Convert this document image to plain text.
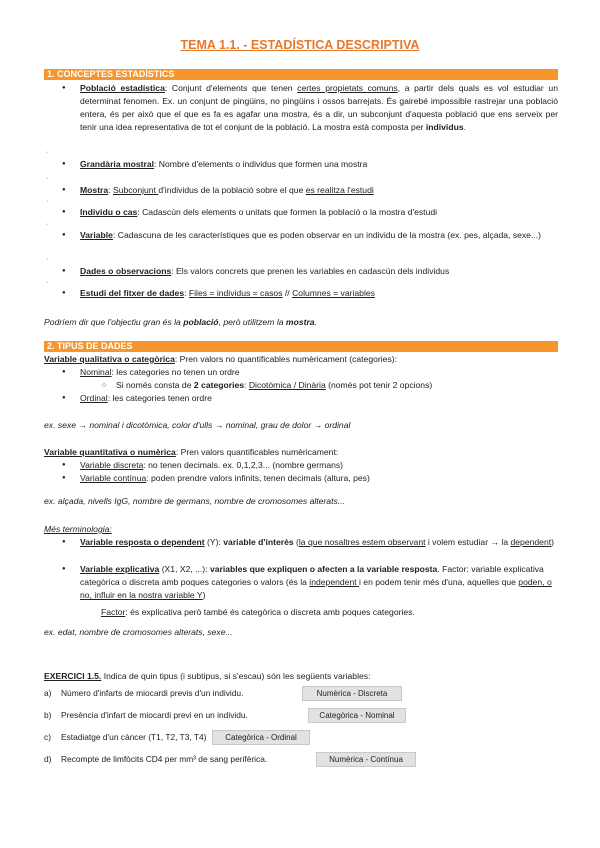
TEMA 1.1. - ESTADÍSTICA DESCRIPTIVA
1. CONCEPTES ESTADÍSTICS
● Població estadística: Conjunt d'elements que tenen certes propietats comuns, a partir dels quals es vol estudiar un determinat fenomen. Ex. un conjunt de pingüins, no pingüins i ossos barrejats. És gairebé impossible rastrejar una població entera, és per això que el que es fa es agafar una mostra, és a dir, un subconjunt d'aquesta població que ens serveix per tenir una idea representativa de tot el conjunt de la població. La mostra està composta per individus.
·
● Grandària mostral: Nombre d'elements o individus que formen una mostra
·
● Mostra: Subconjunt d'individus de la població sobre el que es realitza l'estudi
·
● Individu o cas: Cadascún dels elements o unitats que formen la població o la mostra d'estudi
·
● Variable: Cadascuna de les característiques que es poden observar en un individu de la mostra (ex. pes, alçada, sexe...)
·
● Dades o observacions: Els valors concrets que prenen les variables en cadascún dels individus
·
● Estudi del fitxer de dades: Files = individus = casos // Columnes = variables
Podríem dir que l'objectiu gran és la població, però utilitzem la mostra.
2. TIPUS DE DADES
Variable qualitativa o categòrica: Pren valors no quantificables numèricament (categories):
● Nominal: les categories no tenen un ordre
○ Si només consta de 2 categories: Dicotòmica / Dinària (només pot tenir 2 opcions)
● Ordinal: les categories tenen ordre
ex. sexe → nominal i dicotòmica, color d'ulls → nominal, grau de dolor → ordinal
Variable quantitativa o numèrica: Pren valors quantificables numèricament:
● Variable discreta: no tenen decimals. ex. 0,1,2,3... (nombre germans)
● Variable contínua: poden prendre valors infinits, tenen decimals (altura, pes)
ex. alçada, nivells IgG, nombre de germans, nombre de cromosomes alterats...
Més terminologia:
● Variable resposta o dependent (Y): variable d'interès (la que nosaltres estem observant i volem estudiar → la dependent)
● Variable explicativa (X1, X2, ...): variables que expliquen o afecten a la variable resposta. Factor: variable explicativa categòrica o discreta amb poques categories o valors (és la independent i en podem tenir més d'una, aquelles que poden, o no, influir en la nostra variable Y)
Factor: és explicativa però també és categòrica o discreta amb poques categories.
ex. edat, nombre de cromosomes alterats, sexe...
EXERCICI 1.5. Indica de quin tipus (i subtipus, si s'escau) són les següents variables:
a) Número d'infarts de miocardi previs d'un individu.	Numèrica - Discreta
b) Presència d'infart de miocardi previ en un individu.	Categòrica - Nominal
c) Estadiatge d'un càncer (T1, T2, T3, T4)	Categòrica - Ordinal
d) Recompte de limfòcits CD4 per mm³ de sang perifèrica.	Numèrica - Contínua
